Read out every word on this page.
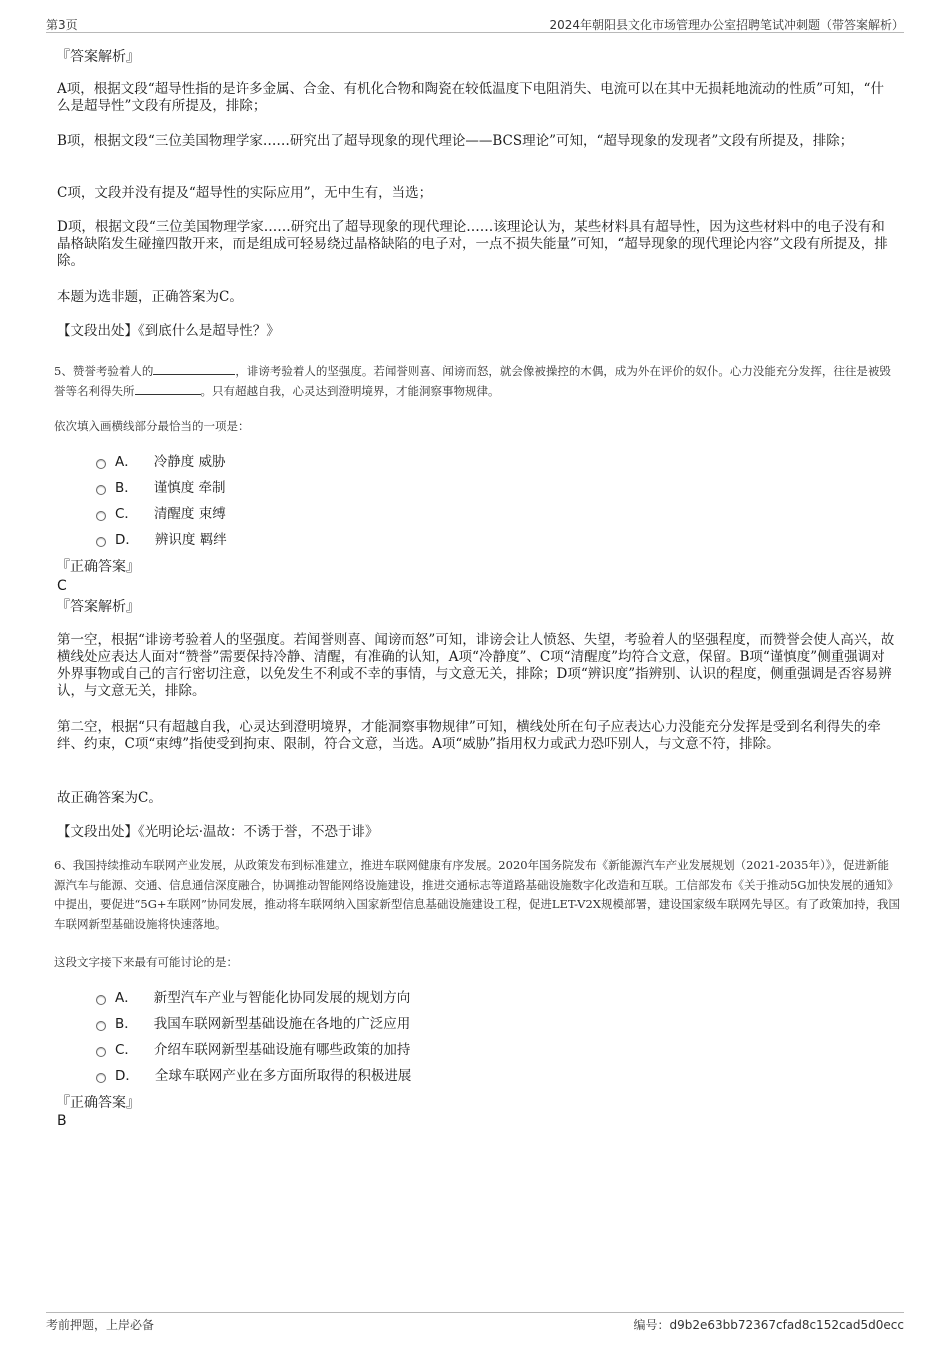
第3页	2024年朝阳县文化市场管理办公室招聘笔试冲刺题（带答案解析）
『答案解析』

A项，根据文段“超导性指的是许多金属、合金、有机化合物和陶瓷在较低温度下电阻消失、电流可以在其中无损耗地流动的性质”可知，“什么是超导性”文段有所提及，排除；

B项，根据文段“三位美国物理学家……研究出了超导现象的现代理论——BCS理论”可知，“超导现象的发现者”文段有所提及，排除；

C项，文段并没有提及“超导性的实际应用”，无中生有，当选；

D项，根据文段“三位美国物理学家……研究出了超导现象的现代理论……该理论认为，某些材料具有超导性，因为这些材料中的电子没有和晶格缺陷发生碰撞四散开来，而是组成可轻易绕过晶格缺陷的电子对，一点不损失能量”可知，“超导现象的现代理论内容”文段有所提及，排除。

本题为选非题，正确答案为C。

【文段出处】《到底什么是超导性？》

5、赞誉考验着人的	，诽谤考验着人的坚强度。若闻誉则喜、闻谤而怒，就会像被操控的木偶，成为外在评价的奴仆。心力没能充分发挥，往往是被毁誉等名利得失所	。只有超越自我，心灵达到澄明境界，才能洞察事物规律。

依次填入画横线部分最恰当的一项是：
A． 冷静度 威胁
B． 谨慎度 牵制
C． 清醒度 束缚
D． 辨识度 羁绊
『正确答案』
C
『答案解析』

第一空，根据“诽谤考验着人的坚强度。若闻誉则喜、闻谤而怒”可知，诽谤会让人愤怒、失望，考验着人的坚强程度，而赞誉会使人高兴，故横线处应表达人面对“赞誉”需要保持冷静、清醒，有准确的认知，A项“冷静度”、C项“清醒度”均符合文意，保留。B项“谨慎度”侧重强调对外界事物或自己的言行密切注意，以免发生不利或不幸的事情，与文意无关，排除；D项“辨识度”指辨别、认识的程度，侧重强调是否容易辨认，与文意无关，排除。

第二空，根据“只有超越自我，心灵达到澄明境界，才能洞察事物规律”可知，横线处所在句子应表达心力没能充分发挥是受到名利得失的牵绊、约束，C项“束缚”指使受到拘束、限制，符合文意，当选。A项“威胁”指用权力或武力恐吓别人，与文意不符，排除。

故正确答案为C。

【文段出处】《光明论坛·温故：不诱于誉，不恐于诽》

6、我国持续推动车联网产业发展，从政策发布到标准建立，推进车联网健康有序发展。2020年国务院发布《新能源汽车产业发展规划（2021-2035年）》，促进新能源汽车与能源、交通、信息通信深度融合，协调推动智能网络设施建设，推进交通标志等道路基础设施数字化改造和互联。工信部发布《关于推动5G加快发展的通知》中提出，要促进“5G+车联网”协同发展，推动将车联网纳入国家新型信息基础设施建设工程，促进LET-V2X规模部署，建设国家级车联网先导区。有了政策加持，我国车联网新型基础设施将快速落地。

这段文字接下来最有可能讨论的是：
A． 新型汽车产业与智能化协同发展的规划方向
B． 我国车联网新型基础设施在各地的广泛应用
C． 介绍车联网新型基础设施有哪些政策的加持
D． 全球车联网产业在多方面所取得的积极进展
『正确答案』
B
考前押题，上岸必备	编号：d9b2e63bb72367cfad8c152cad5d0ecc
